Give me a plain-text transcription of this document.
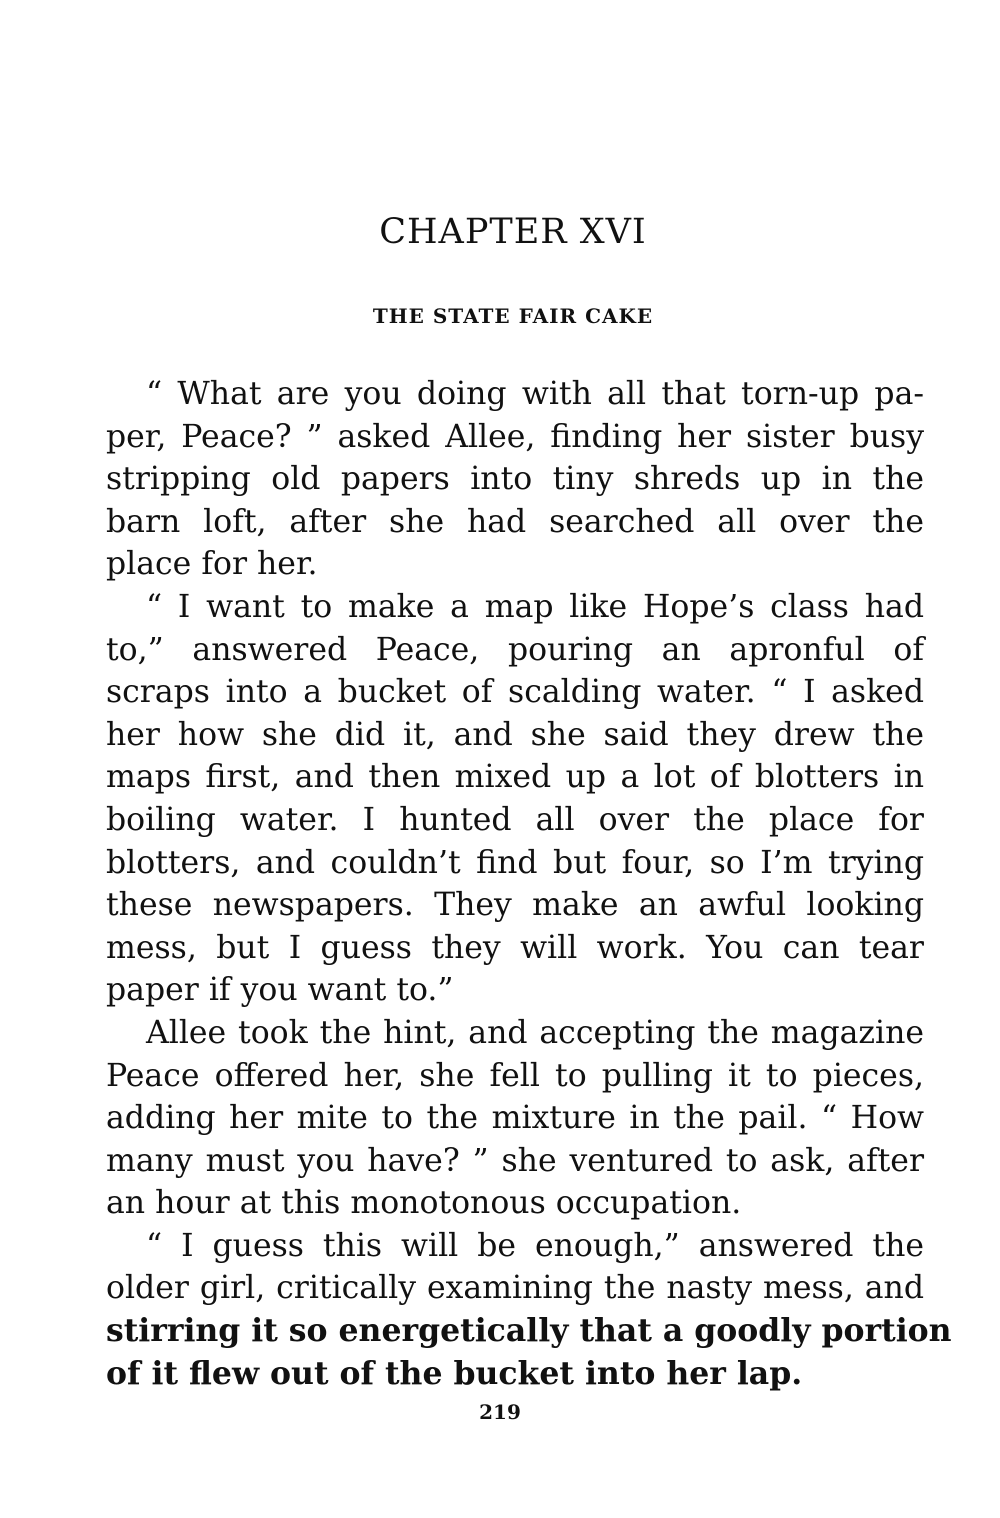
CHAPTER XVI
THE STATE FAIR CAKE
“ What are you doing with all that torn-up pa-
per, Peace? ” asked Allee, finding her sister busy
stripping old papers into tiny shreds up in the
barn loft, after she had searched all over the
place for her.
“ I want to make a map like Hope’s class had
to,” answered Peace, pouring an apronful of
scraps into a bucket of scalding water. “ I asked
her how she did it, and she said they drew the
maps first, and then mixed up a lot of blotters in
boiling water. I hunted all over the place for
blotters, and couldn’t find but four, so I’m trying
these newspapers. They make an awful looking
mess, but I guess they will work. You can tear
paper if you want to.”
Allee took the hint, and accepting the magazine
Peace offered her, she fell to pulling it to pieces,
adding her mite to the mixture in the pail. “ How
many must you have? ” she ventured to ask, after
an hour at this monotonous occupation.
“ I guess this will be enough,” answered the
older girl, critically examining the nasty mess, and
stirring it so energetically that a goodly portion
of it flew out of the bucket into her lap.
219
